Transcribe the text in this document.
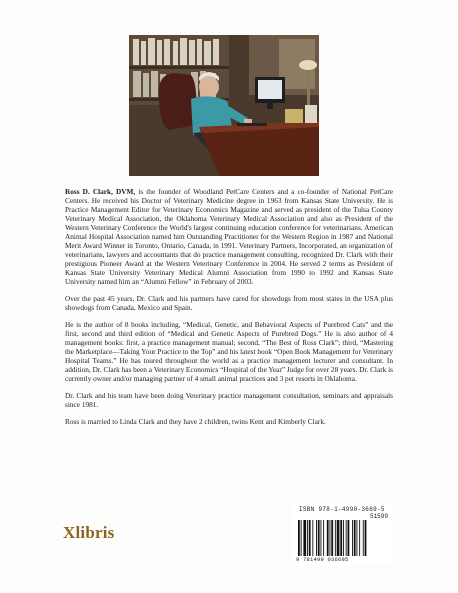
Ross D. Clark, DVM, is the founder of Woodland PetCare Centers and a co-founder of National PetCare Centers. He received his Doctor of Veterinary Medicine degree in 1963 from Kansas State University. He is Practice Management Editor for Veterinary Economics Magazine and served as president of the Tulsa County Veterinary Medical Association, the Oklahoma Veterinary Medical Association and also as President of the Western Veterinary Conference the World's largest continuing education conference for veterinarians. American Animal Hospital Association named him Outstanding Practitioner for the Western Region in 1987 and National Merit Award Winner in Toronto, Ontario, Canada, in 1991. Veterinary Partners, Incorporated, an organization of veterinarians, lawyers and accountants that do practice management consulting, recognized Dr. Clark with their prestigious Pioneer Award at the Western Veterinary Conference in 2004. He served 2 terms as President of Kansas State University Veterinary Medical Alumni Association from 1990 to 1992 and Kansas State University named him an “Alumni Fellow” in February of 2003.

Over the past 45 years, Dr. Clark and his partners have cared for showdogs from most states in the USA plus showdogs from Canada, Mexico and Spain.

He is the author of 8 books including, “Medical, Genetic, and Behavioral Aspects of Purebred Cats” and the first, second and third edition of “Medical and Genetic Aspects of Purebred Dogs.” He is also author of 4 management books: first, a practice management manual; second, “The Best of Ross Clark”; third, “Mastering the Marketplace—Taking Your Practice to the Top” and his latest book “Open Book Management for Veterinary Hospital Teams.” He has toured throughout the world as a practice management lecturer and consultant. In addition, Dr. Clark has been a Veterinary Economics “Hospital of the Year” Judge for over 28 years. Dr. Clark is currently owner and/or managing partner of 4 small animal practices and 3 pet resorts in Oklahoma.

Dr. Clark and his team have been doing Veterinary practice management consultation, seminars and appraisals since 1981.

Ross is married to Linda Clark and they have 2 children, twins Kent and Kimberly Clark.

Xlibris
ISBN 978-1-4990-3669-5
51599
9 781499 036695
